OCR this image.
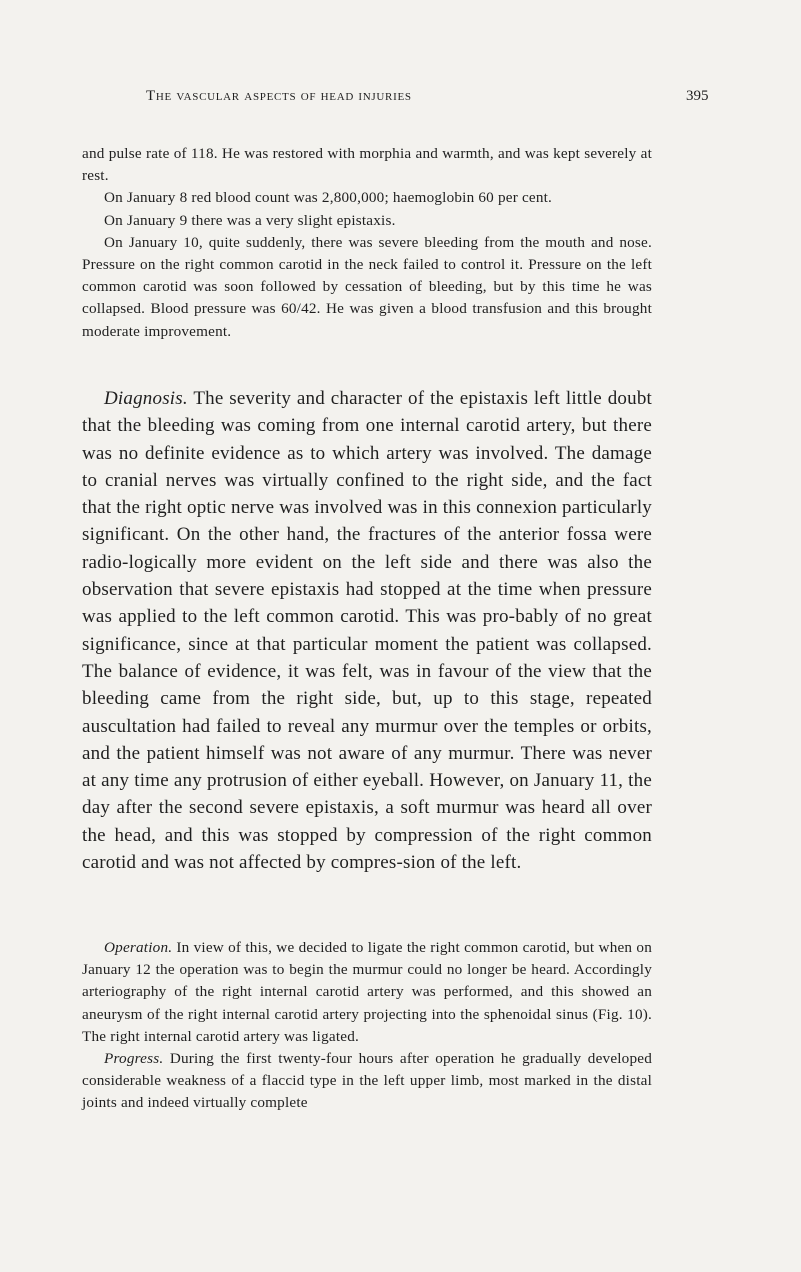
The vascular aspects of head injuries	395

and pulse rate of 118. He was restored with morphia and warmth, and was kept severely at rest.

On January 8 red blood count was 2,800,000; haemoglobin 60 per cent.

On January 9 there was a very slight epistaxis.

On January 10, quite suddenly, there was severe bleeding from the mouth and nose. Pressure on the right common carotid in the neck failed to control it. Pressure on the left common carotid was soon followed by cessation of bleeding, but by this time he was collapsed. Blood pressure was 60/42. He was given a blood transfusion and this brought moderate improvement.

Diagnosis. The severity and character of the epistaxis left little doubt that the bleeding was coming from one internal carotid artery, but there was no definite evidence as to which artery was involved. The damage to cranial nerves was virtually confined to the right side, and the fact that the right optic nerve was involved was in this connexion particularly significant. On the other hand, the fractures of the anterior fossa were radio-logically more evident on the left side and there was also the observation that severe epistaxis had stopped at the time when pressure was applied to the left common carotid. This was pro-bably of no great significance, since at that particular moment the patient was collapsed. The balance of evidence, it was felt, was in favour of the view that the bleeding came from the right side, but, up to this stage, repeated auscultation had failed to reveal any murmur over the temples or orbits, and the patient himself was not aware of any murmur. There was never at any time any protrusion of either eyeball. However, on January 11, the day after the second severe epistaxis, a soft murmur was heard all over the head, and this was stopped by compression of the right common carotid and was not affected by compres-sion of the left.

Operation. In view of this, we decided to ligate the right common carotid, but when on January 12 the operation was to begin the murmur could no longer be heard. Accordingly arteriography of the right internal carotid artery was performed, and this showed an aneurysm of the right internal carotid artery projecting into the sphenoidal sinus (Fig. 10). The right internal carotid artery was ligated.

Progress. During the first twenty-four hours after operation he gradually developed considerable weakness of a flaccid type in the left upper limb, most marked in the distal joints and indeed virtually complete
